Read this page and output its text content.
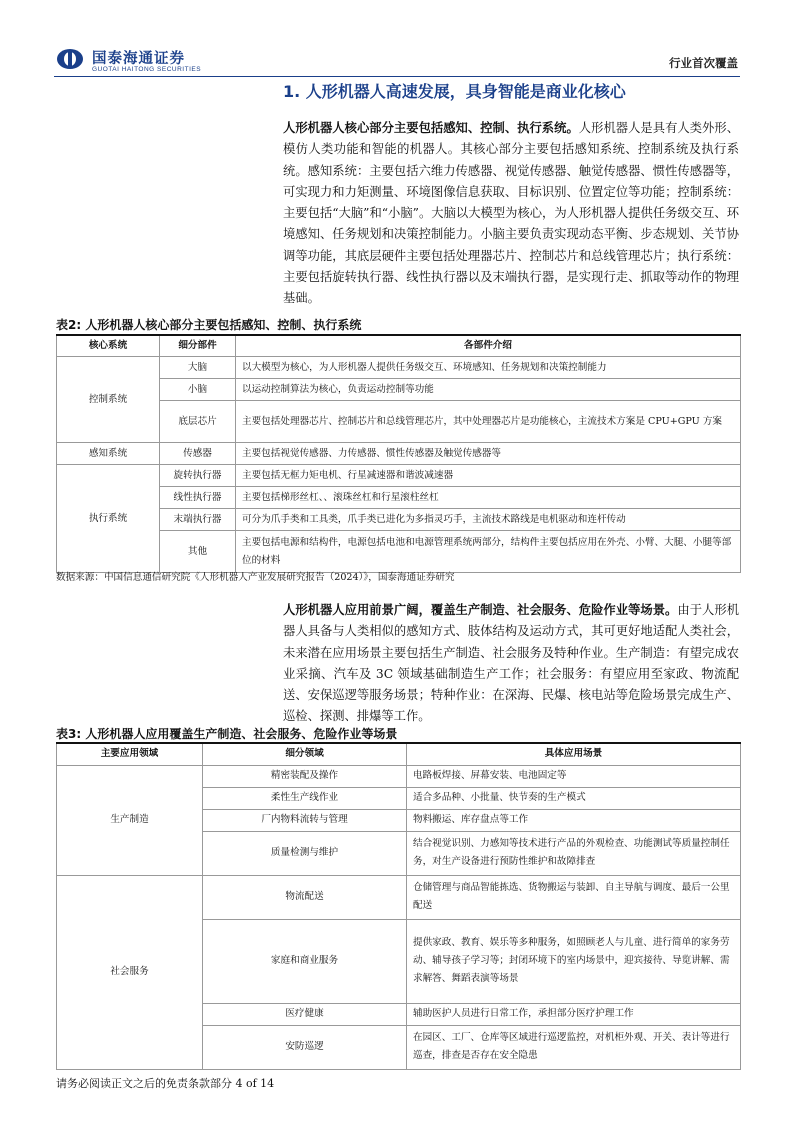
国泰海通证券
GUOTAI HAITONG SECURITIES	行业首次覆盖
1. 人形机器人高速发展，具身智能是商业化核心
人形机器人核心部分主要包括感知、控制、执行系统。人形机器人是具有人类外形、模仿人类功能和智能的机器人。其核心部分主要包括感知系统、控制系统及执行系统。感知系统：主要包括六维力传感器、视觉传感器、触觉传感器、惯性传感器等，可实现力和力矩测量、环境图像信息获取、目标识别、位置定位等功能；控制系统：主要包括“大脑”和“小脑”。大脑以大模型为核心，为人形机器人提供任务级交互、环境感知、任务规划和决策控制能力。小脑主要负责实现动态平衡、步态规划、关节协调等功能，其底层硬件主要包括处理器芯片、控制芯片和总线管理芯片；执行系统：主要包括旋转执行器、线性执行器以及末端执行器，是实现行走、抓取等动作的物理基础。
表2: 人形机器人核心部分主要包括感知、控制、执行系统
核心系统	细分部件	各部件介绍
控制系统	大脑	以大模型为核心，为人形机器人提供任务级交互、环境感知、任务规划和决策控制能力
	小脑	以运动控制算法为核心，负责运动控制等功能
	底层芯片	主要包括处理器芯片、控制芯片和总线管理芯片，其中处理器芯片是功能核心，主流技术方案是 CPU+GPU 方案
感知系统	传感器	主要包括视觉传感器、力传感器、惯性传感器及触觉传感器等
执行系统	旋转执行器	主要包括无框力矩电机、行星减速器和谐波减速器
	线性执行器	主要包括梯形丝杠、、滚珠丝杠和行星滚柱丝杠
	末端执行器	可分为爪手类和工具类，爪手类已进化为多指灵巧手，主流技术路线是电机驱动和连杆传动
	其他	主要包括电源和结构件，电源包括电池和电源管理系统两部分，结构件主要包括应用在外壳、小臂、大腿、小腿等部位的材料
数据来源：中国信息通信研究院《人形机器人产业发展研究报告（2024）》，国泰海通证券研究
人形机器人应用前景广阔，覆盖生产制造、社会服务、危险作业等场景。由于人形机器人具备与人类相似的感知方式、肢体结构及运动方式，其可更好地适配人类社会，未来潜在应用场景主要包括生产制造、社会服务及特种作业。生产制造：有望完成农业采摘、汽车及 3C 领域基础制造生产工作；社会服务：有望应用至家政、物流配送、安保巡逻等服务场景；特种作业：在深海、民爆、核电站等危险场景完成生产、巡检、探测、排爆等工作。
表3: 人形机器人应用覆盖生产制造、社会服务、危险作业等场景
主要应用领域	细分领域	具体应用场景
生产制造	精密装配及操作	电路板焊接、屏幕安装、电池固定等
	柔性生产线作业	适合多品种、小批量、快节奏的生产模式
	厂内物料流转与管理	物料搬运、库存盘点等工作
	质量检测与维护	结合视觉识别、力感知等技术进行产品的外观检查、功能测试等质量控制任务，对生产设备进行预防性维护和故障排查
社会服务	物流配送	仓储管理与商品智能拣选、货物搬运与装卸、自主导航与调度、最后一公里配送
	家庭和商业服务	提供家政、教育、娱乐等多种服务，如照顾老人与儿童、进行简单的家务劳动、辅导孩子学习等；封闭环境下的室内场景中，迎宾接待、导览讲解、需求解答、舞蹈表演等场景
	医疗健康	辅助医护人员进行日常工作，承担部分医疗护理工作
	安防巡逻	在园区、工厂、仓库等区域进行巡逻监控，对机柜外观、开关、表计等进行巡查，排查是否存在安全隐患
请务必阅读正文之后的免责条款部分 4 of 14
